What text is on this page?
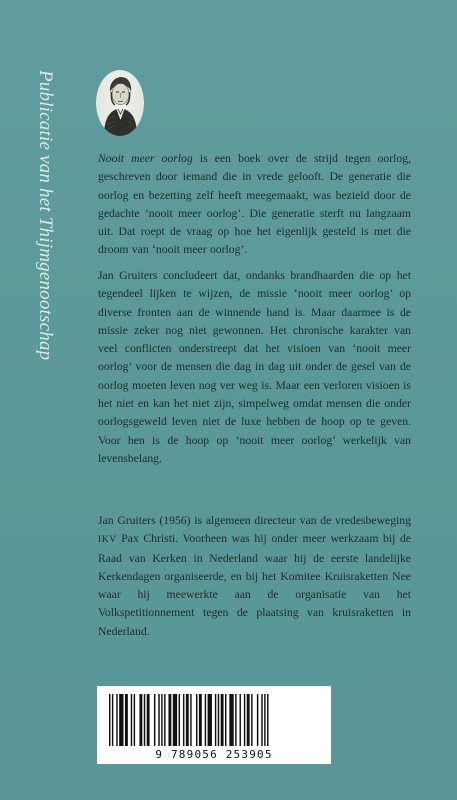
Publicatie van het Thijmgenootschap	Nooit meer oorlog is een boek over de strijd tegen oorlog, geschreven door iemand die in vrede gelooft. De generatie die oorlog en bezetting zelf heeft meegemaakt, was bezield door de gedachte ‘nooit meer oorlog’. Die generatie sterft nu langzaam uit. Dat roept de vraag op hoe het eigenlijk gesteld is met die droom van ‘nooit meer oorlog’.
Jan Gruiters concludeert dat, ondanks brandhaarden die op het tegendeel lijken te wijzen, de missie ‘nooit meer oorlog’ op diverse fronten aan de winnende hand is. Maar daarmee is de missie zeker nog niet gewonnen. Het chronische karakter van veel conflicten onderstreept dat het visioen van ‘nooit meer oorlog’ voor de mensen die dag in dag uit onder de gesel van de oorlog moeten leven nog ver weg is. Maar een verloren visioen is het niet en kan het niet zijn, simpelweg omdat mensen die onder oorlogsgeweld leven niet de luxe hebben de hoop op te geven. Voor hen is de hoop op ‘nooit meer oorlog’ werkelijk van levensbelang.
Jan Gruiters (1956) is algemeen directeur van de vredesbeweging IKV Pax Christi. Voorheen was hij onder meer werkzaam bij de Raad van Kerken in Nederland waar hij de eerste landelijke Kerkendagen organiseerde, en bij het Komitee Kruisraketten Nee waar hij meewerkte aan de organisatie van het Volkspetitionnement tegen de plaatsing van kruisraketten in Nederland.
9 789056 253905
